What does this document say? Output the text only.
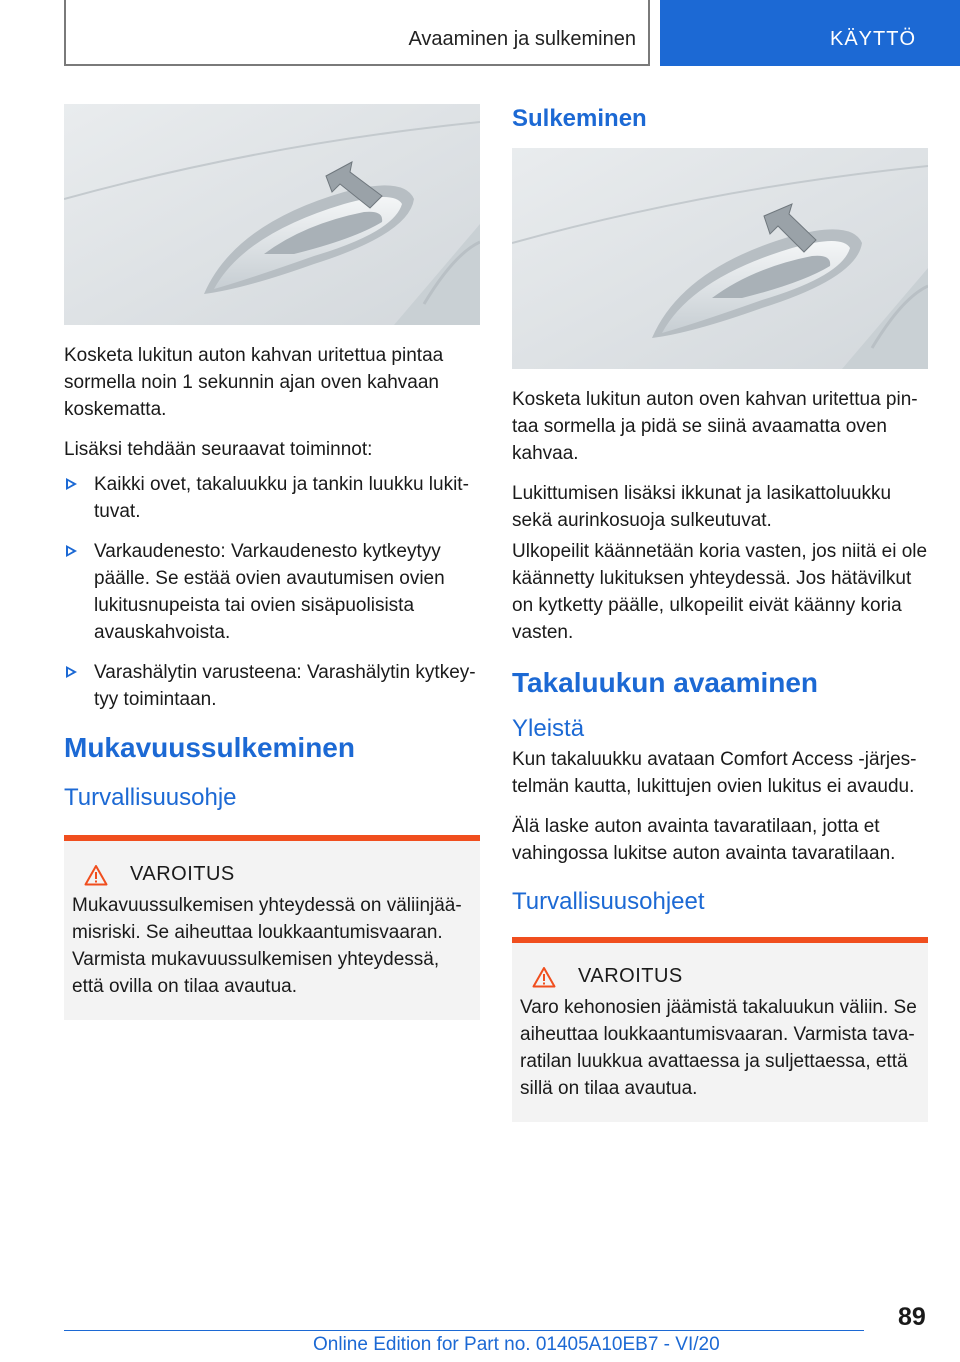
Avaaminen ja sulkeminen	KÄYTTÖ

Kosketa lukitun auton kahvan uritettua pintaa sormella noin 1 sekunnin ajan oven kahvaan koskematta.

Lisäksi tehdään seuraavat toiminnot:

Kaikki ovet, takaluukku ja tankin luukku lukittuvat.
Varkaudenesto: Varkaudenesto kytkeytyy päälle. Se estää ovien avautumisen ovien lukitusnupeista tai ovien sisäpuolisista avauskahvoista.
Varashälytin varusteena: Varashälytin kytkeytyy toimintaan.
Mukavuussulkeminen
Turvallisuusohje
VAROITUS

Mukavuussulkemisen yhteydessä on väliinjäämisriski. Se aiheuttaa loukkaantumisvaaran. Varmista mukavuussulkemisen yhteydessä, että ovilla on tilaa avautua.

Sulkeminen

Kosketa lukitun auton oven kahvan uritettua pintaa sormella ja pidä se siinä avaamatta oven kahvaa.

Lukittumisen lisäksi ikkunat ja lasikattoluukku sekä aurinkosuoja sulkeutuvat.

Ulkopeilit käännetään koria vasten, jos niitä ei ole käännetty lukituksen yhteydessä. Jos hätävilkut on kytketty päälle, ulkopeilit eivät käänny koria vasten.

Takaluukun avaaminen
Yleistä

Kun takaluukku avataan Comfort Access -järjestelmän kautta, lukittujen ovien lukitus ei avaudu.

Älä laske auton avainta tavaratilaan, jotta et vahingossa lukitse auton avainta tavaratilaan.

Turvallisuusohjeet
VAROITUS

Varo kehonosien jäämistä takaluukun väliin. Se aiheuttaa loukkaantumisvaaran. Varmista tavaratilan luukkua avattaessa ja suljettaessa, että sillä on tilaa avautua.

89
Online Edition for Part no. 01405A10EB7 - VI/20
